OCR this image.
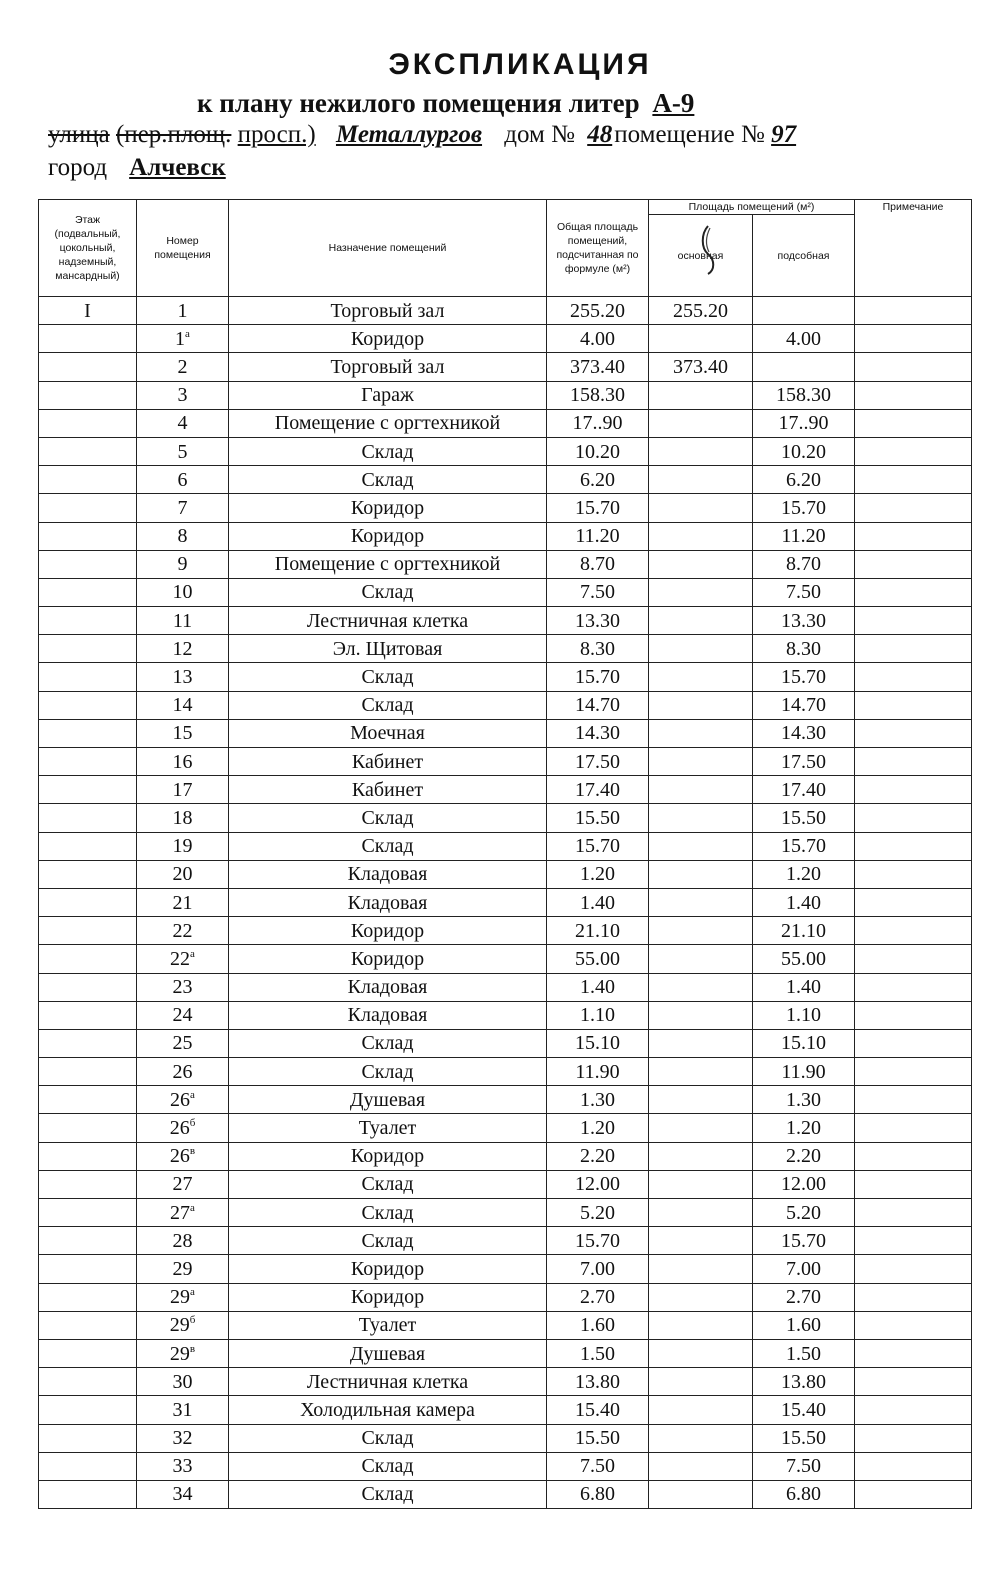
ЭКСПЛИКАЦИЯ
к плану нежилого помещения литер А-9
улица (пер.площ. просп.) Металлургов дом № 48помещение № 97
город Алчевск
Этаж (подвальный, цокольный, надземный, мансардный)	Номер помещения	Назначение помещений	Общая площадь помещений, подсчитанная по формуле (м²)	Площадь помещений (м²)		Примечание
				основная	подсобная	
I	1	Торговый зал	255.20	255.20		
	$1^а$	Коридор	4.00		4.00	
	2	Торговый зал	373.40	373.40		
	3	Гараж	158.30		158.30	
	4	Помещение с оргтехникой	17..90		17..90	
	5	Склад	10.20		10.20	
	6	Склад	6.20		6.20	
	7	Коридор	15.70		15.70	
	8	Коридор	11.20		11.20	
	9	Помещение с оргтехникой	8.70		8.70	
	10	Склад	7.50		7.50	
	11	Лестничная клетка	13.30		13.30	
	12	Эл. Щитовая	8.30		8.30	
	13	Склад	15.70		15.70	
	14	Склад	14.70		14.70	
	15	Моечная	14.30		14.30	
	16	Кабинет	17.50		17.50	
	17	Кабинет	17.40		17.40	
	18	Склад	15.50		15.50	
	19	Склад	15.70		15.70	
	20	Кладовая	1.20		1.20	
	21	Кладовая	1.40		1.40	
	22	Коридор	21.10		21.10	
	$22^а$	Коридор	55.00		55.00	
	23	Кладовая	1.40		1.40	
	24	Кладовая	1.10		1.10	
	25	Склад	15.10		15.10	
	26	Склад	11.90		11.90	
	$26^а$	Душевая	1.30		1.30	
	$26^б$	Туалет	1.20		1.20	
	$26^в$	Коридор	2.20		2.20	
	27	Склад	12.00		12.00	
	$27^а$	Склад	5.20		5.20	
	28	Склад	15.70		15.70	
	29	Коридор	7.00		7.00	
	$29^а$	Коридор	2.70		2.70	
	$29^б$	Туалет	1.60		1.60	
	$29^в$	Душевая	1.50		1.50	
	30	Лестничная клетка	13.80		13.80	
	31	Холодильная камера	15.40		15.40	
	32	Склад	15.50		15.50	
	33	Склад	7.50		7.50	
	34	Склад	6.80		6.80	
